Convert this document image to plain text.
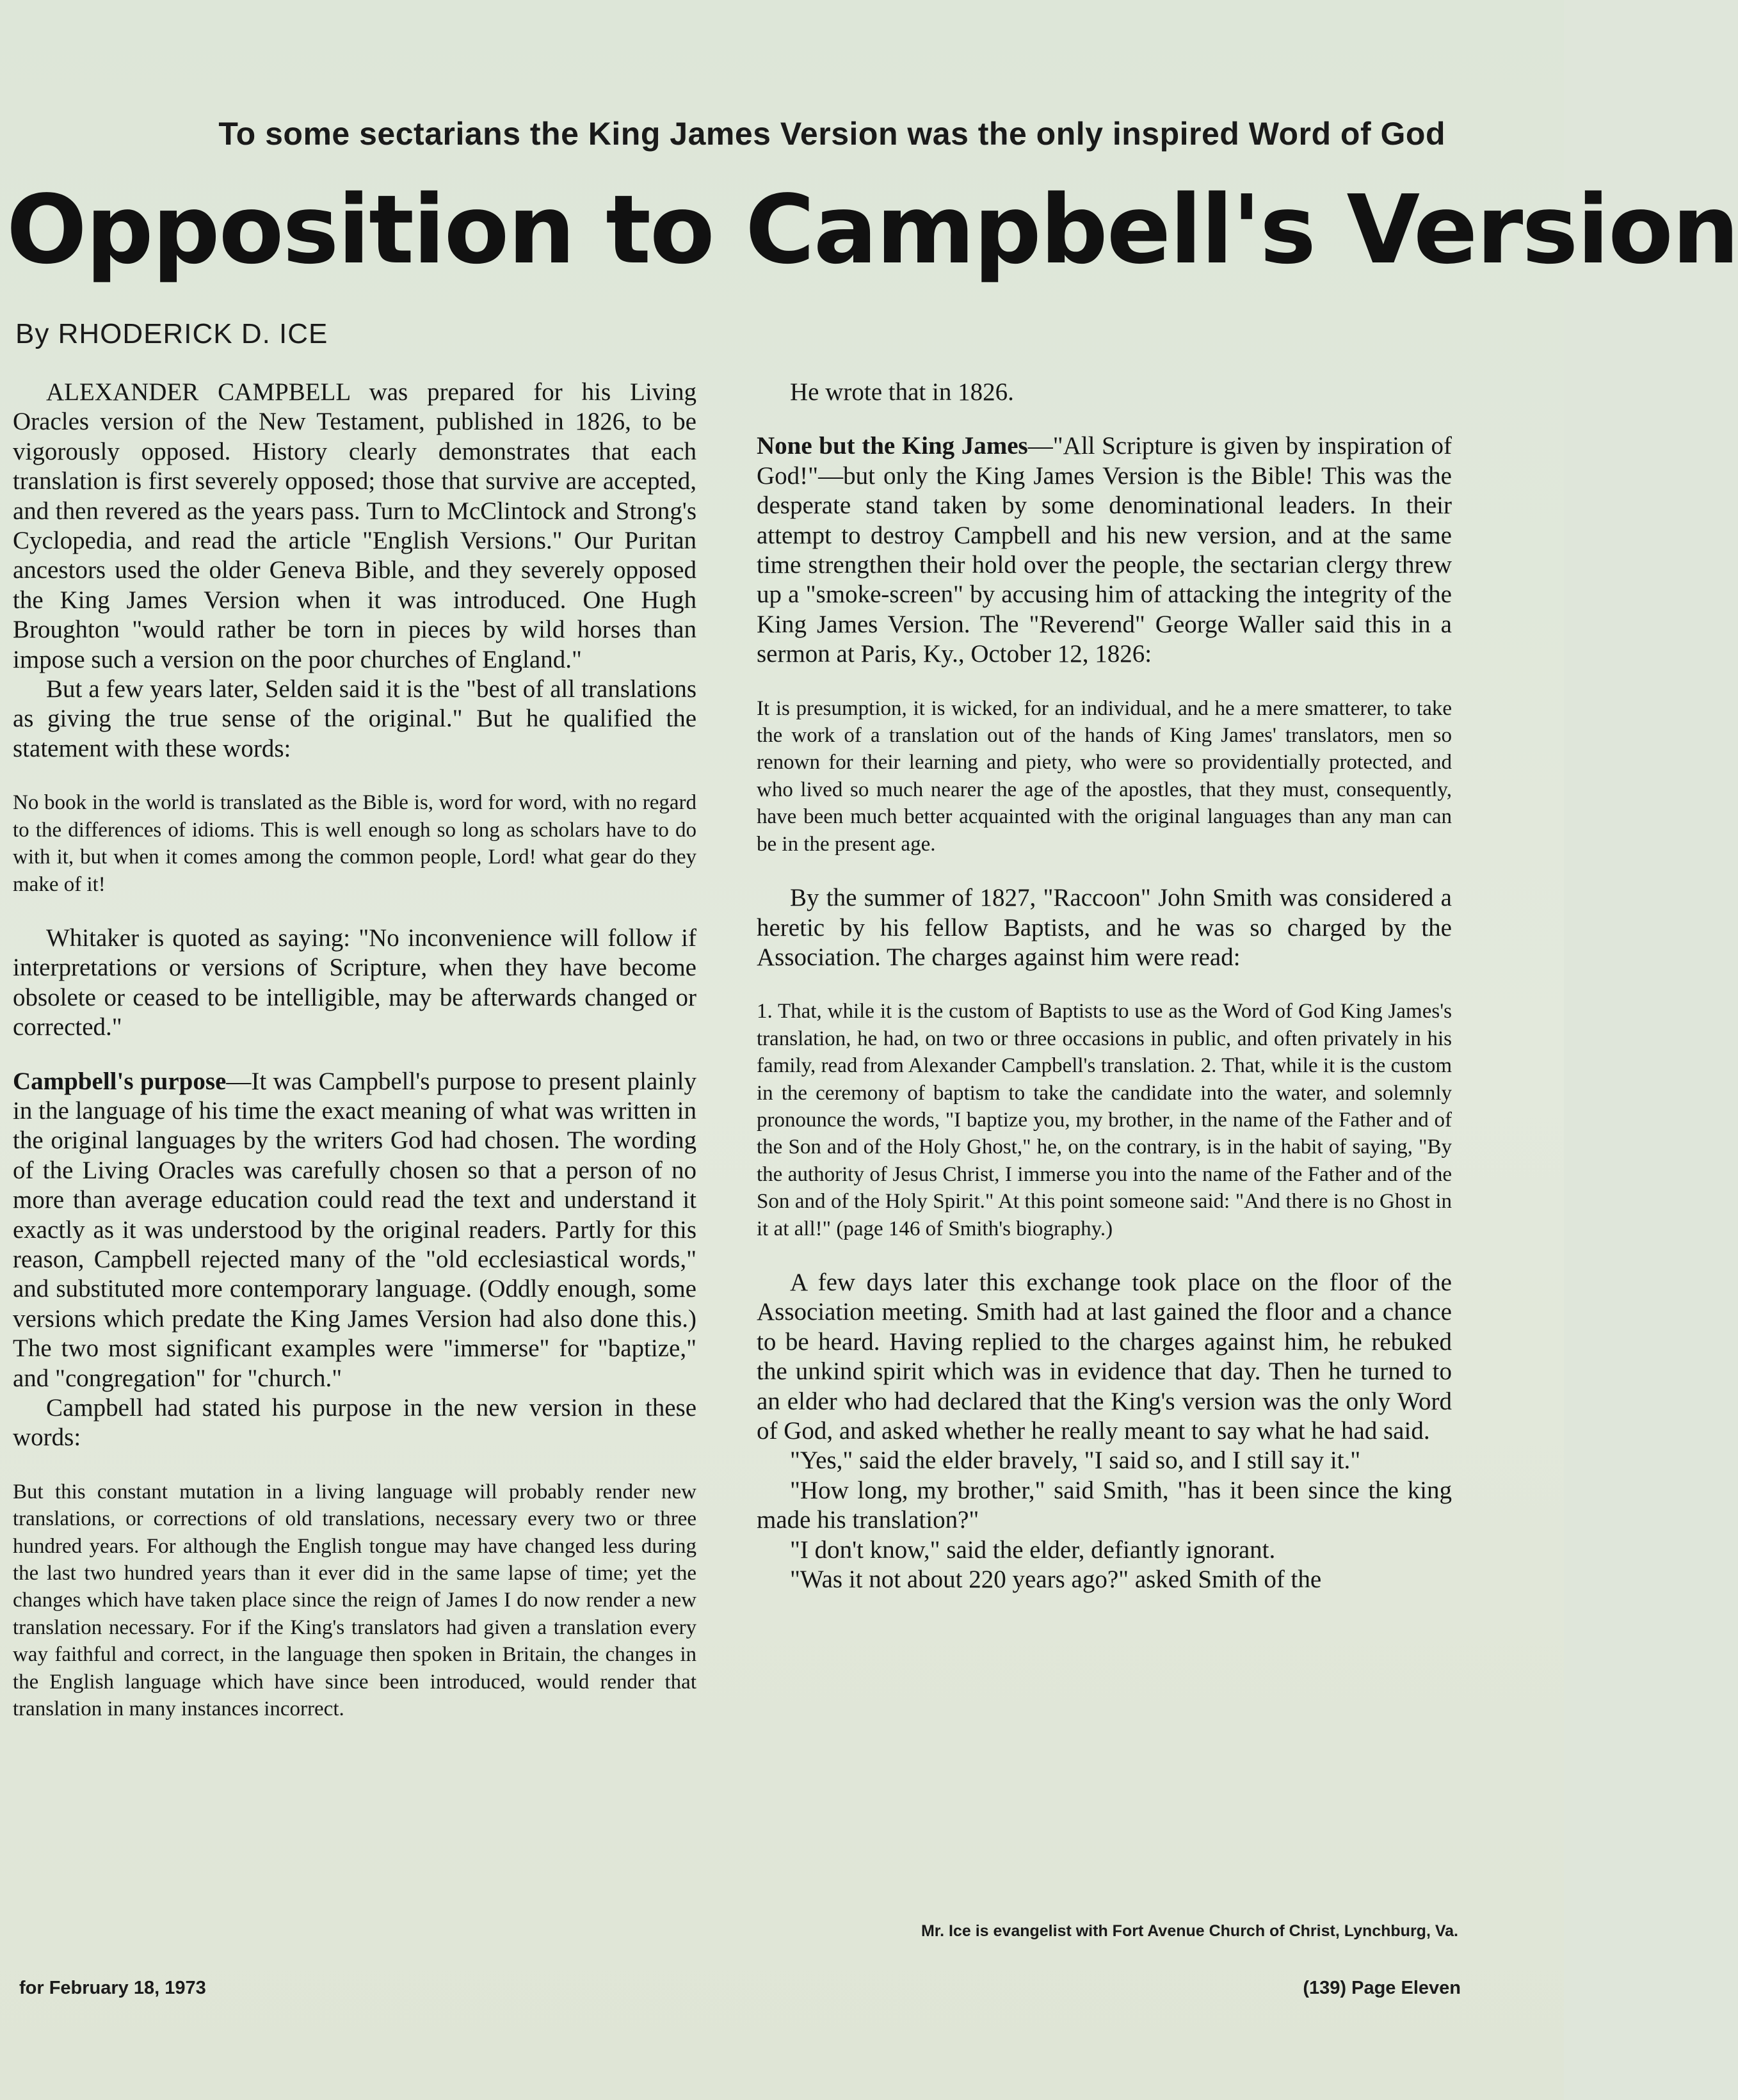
To some sectarians the King James Version was the only inspired Word of God
Opposition to Campbell's Version
By RHODERICK D. ICE

ALEXANDER CAMPBELL was prepared for his Living Oracles version of the New Testament, published in 1826, to be vigorously opposed. History clearly demonstrates that each translation is first severely opposed; those that survive are accepted, and then revered as the years pass. Turn to McClintock and Strong's Cyclopedia, and read the article "English Versions." Our Puritan ancestors used the older Geneva Bible, and they severely opposed the King James Version when it was introduced. One Hugh Broughton "would rather be torn in pieces by wild horses than impose such a version on the poor churches of England."

But a few years later, Selden said it is the "best of all translations as giving the true sense of the original." But he qualified the statement with these words:

No book in the world is translated as the Bible is, word for word, with no regard to the differences of idioms. This is well enough so long as scholars have to do with it, but when it comes among the common people, Lord! what gear do they make of it!

Whitaker is quoted as saying: "No inconvenience will follow if interpretations or versions of Scripture, when they have become obsolete or ceased to be intelligible, may be afterwards changed or corrected."

Campbell's purpose—It was Campbell's purpose to present plainly in the language of his time the exact meaning of what was written in the original languages by the writers God had chosen. The wording of the Living Oracles was carefully chosen so that a person of no more than average education could read the text and understand it exactly as it was understood by the original readers. Partly for this reason, Campbell rejected many of the "old ecclesiastical words," and substituted more contemporary language. (Oddly enough, some versions which predate the King James Version had also done this.) The two most significant examples were "immerse" for "baptize," and "congregation" for "church."

Campbell had stated his purpose in the new version in these words:

But this constant mutation in a living language will probably render new translations, or corrections of old translations, necessary every two or three hundred years. For although the English tongue may have changed less during the last two hundred years than it ever did in the same lapse of time; yet the changes which have taken place since the reign of James I do now render a new translation necessary. For if the King's translators had given a translation every way faithful and correct, in the language then spoken in Britain, the changes in the English language which have since been introduced, would render that translation in many instances incorrect.

He wrote that in 1826.

None but the King James—"All Scripture is given by inspiration of God!"—but only the King James Version is the Bible! This was the desperate stand taken by some denominational leaders. In their attempt to destroy Campbell and his new version, and at the same time strengthen their hold over the people, the sectarian clergy threw up a "smoke-screen" by accusing him of attacking the integrity of the King James Version. The "Reverend" George Waller said this in a sermon at Paris, Ky., October 12, 1826:

It is presumption, it is wicked, for an individual, and he a mere smatterer, to take the work of a translation out of the hands of King James' translators, men so renown for their learning and piety, who were so providentially protected, and who lived so much nearer the age of the apostles, that they must, consequently, have been much better acquainted with the original languages than any man can be in the present age.

By the summer of 1827, "Raccoon" John Smith was considered a heretic by his fellow Baptists, and he was so charged by the Association. The charges against him were read:

1. That, while it is the custom of Baptists to use as the Word of God King James's translation, he had, on two or three occasions in public, and often privately in his family, read from Alexander Campbell's translation. 2. That, while it is the custom in the ceremony of baptism to take the candidate into the water, and solemnly pronounce the words, "I baptize you, my brother, in the name of the Father and of the Son and of the Holy Ghost," he, on the contrary, is in the habit of saying, "By the authority of Jesus Christ, I immerse you into the name of the Father and of the Son and of the Holy Spirit." At this point someone said: "And there is no Ghost in it at all!" (page 146 of Smith's biography.)

A few days later this exchange took place on the floor of the Association meeting. Smith had at last gained the floor and a chance to be heard. Having replied to the charges against him, he rebuked the unkind spirit which was in evidence that day. Then he turned to an elder who had declared that the King's version was the only Word of God, and asked whether he really meant to say what he had said.

"Yes," said the elder bravely, "I said so, and I still say it."

"How long, my brother," said Smith, "has it been since the king made his translation?"

"I don't know," said the elder, defiantly ignorant.

"Was it not about 220 years ago?" asked Smith of the

Mr. Ice is evangelist with Fort Avenue Church of Christ, Lynchburg, Va.
for February 18, 1973	(139) Page Eleven
